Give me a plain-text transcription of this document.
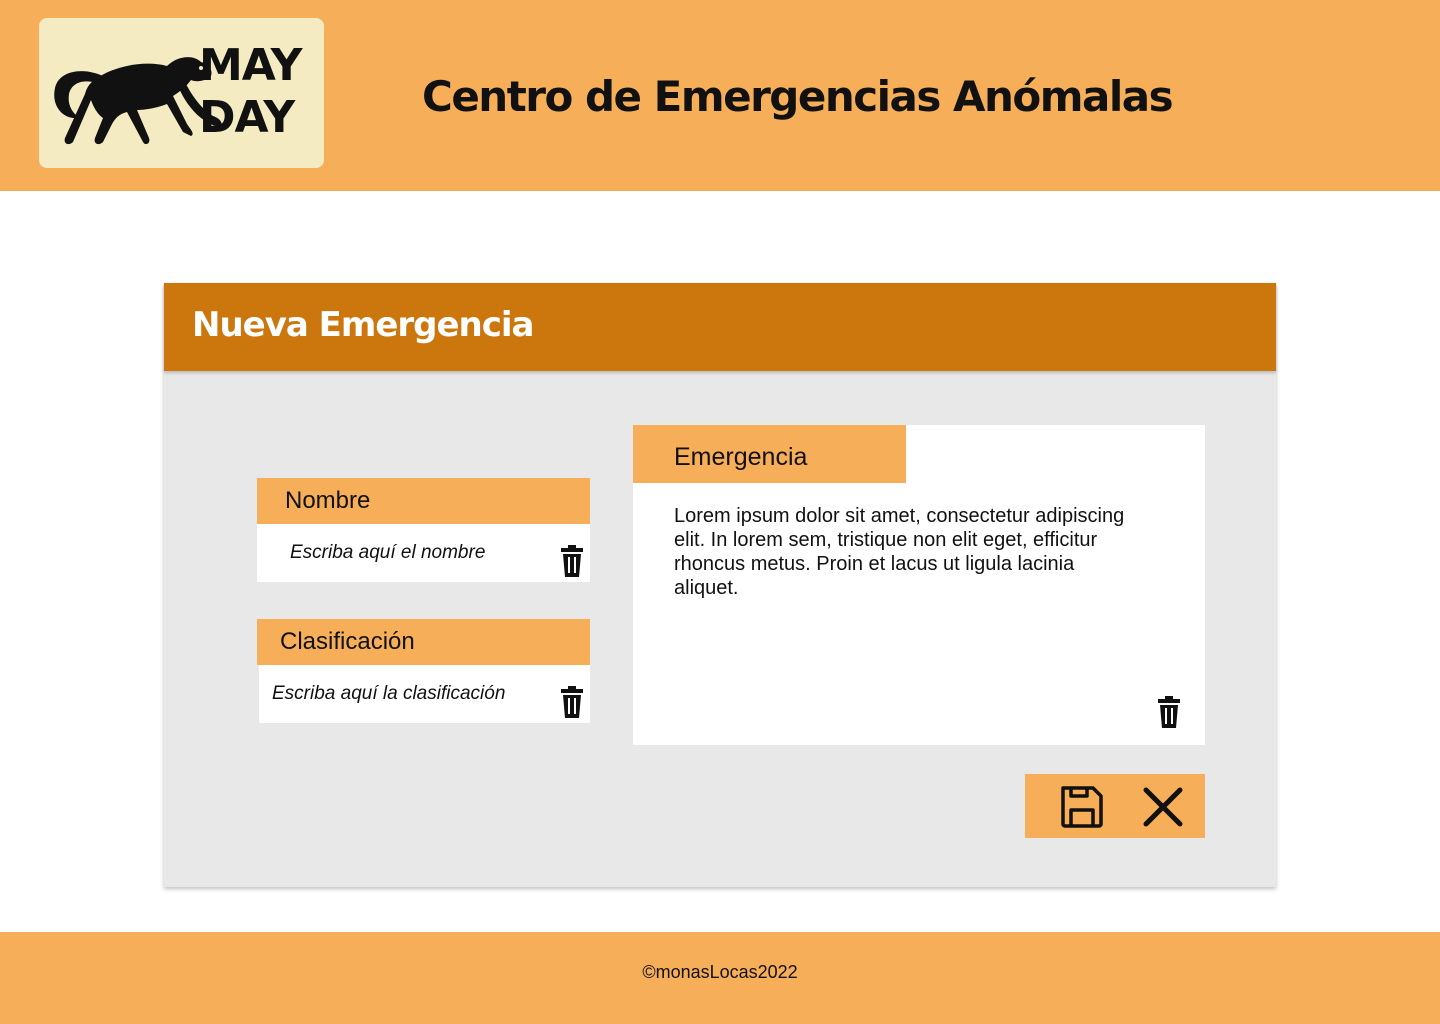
MAY
DAY	Centro de Emergencias Anómalas
Nueva Emergencia
Nombre
Escriba aquí el nombre
Clasificación
Escriba aquí la clasificación
Emergencia

Lorem ipsum dolor sit amet, consectetur adipiscing elit. In lorem sem, tristique non elit eget, efficitur rhoncus metus. Proin et lacus ut ligula lacinia aliquet.

©monasLocas2022
